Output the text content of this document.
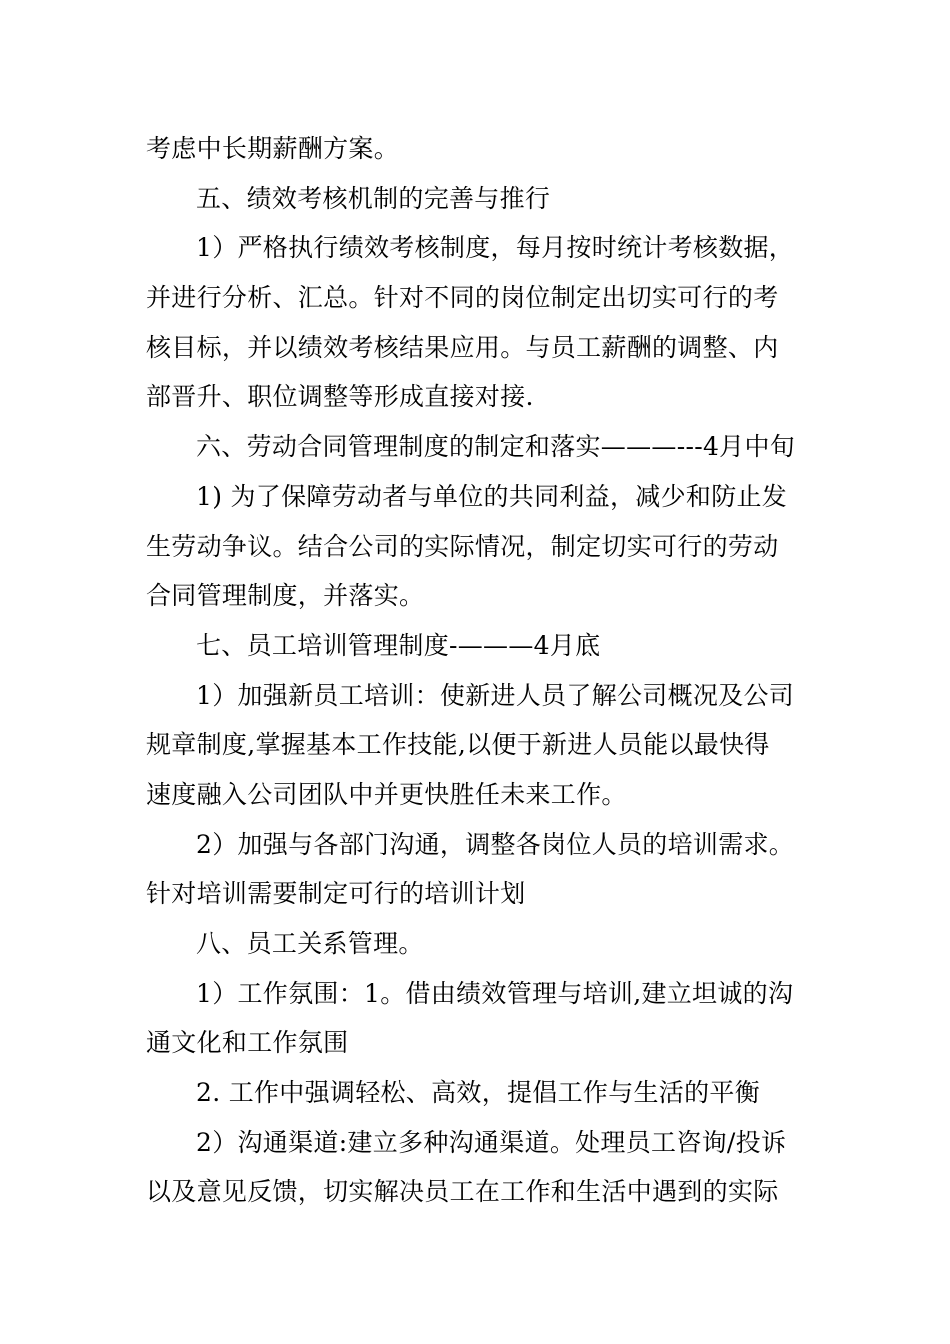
考虑中长期薪酬方案。
五、绩效考核机制的完善与推行
1）严格执行绩效考核制度，每月按时统计考核数据，
并进行分析、汇总。针对不同的岗位制定出切实可行的考
核目标，并以绩效考核结果应用。与员工薪酬的调整、内
部晋升、职位调整等形成直接对接.
六、劳动合同管理制度的制定和落实———---4月中旬
1) 为了保障劳动者与单位的共同利益，减少和防止发
生劳动争议。结合公司的实际情况，制定切实可行的劳动
合同管理制度，并落实。
七、员工培训管理制度-———4月底
1）加强新员工培训：使新进人员了解公司概况及公司
规章制度,掌握基本工作技能,以便于新进人员能以最快得
速度融入公司团队中并更快胜任未来工作。
2）加强与各部门沟通，调整各岗位人员的培训需求。
针对培训需要制定可行的培训计划
八、员工关系管理。
1）工作氛围：1。借由绩效管理与培训,建立坦诚的沟
通文化和工作氛围
2. 工作中强调轻松、高效，提倡工作与生活的平衡
2）沟通渠道:建立多种沟通渠道。处理员工咨询/投诉
以及意见反馈，切实解决员工在工作和生活中遇到的实际
